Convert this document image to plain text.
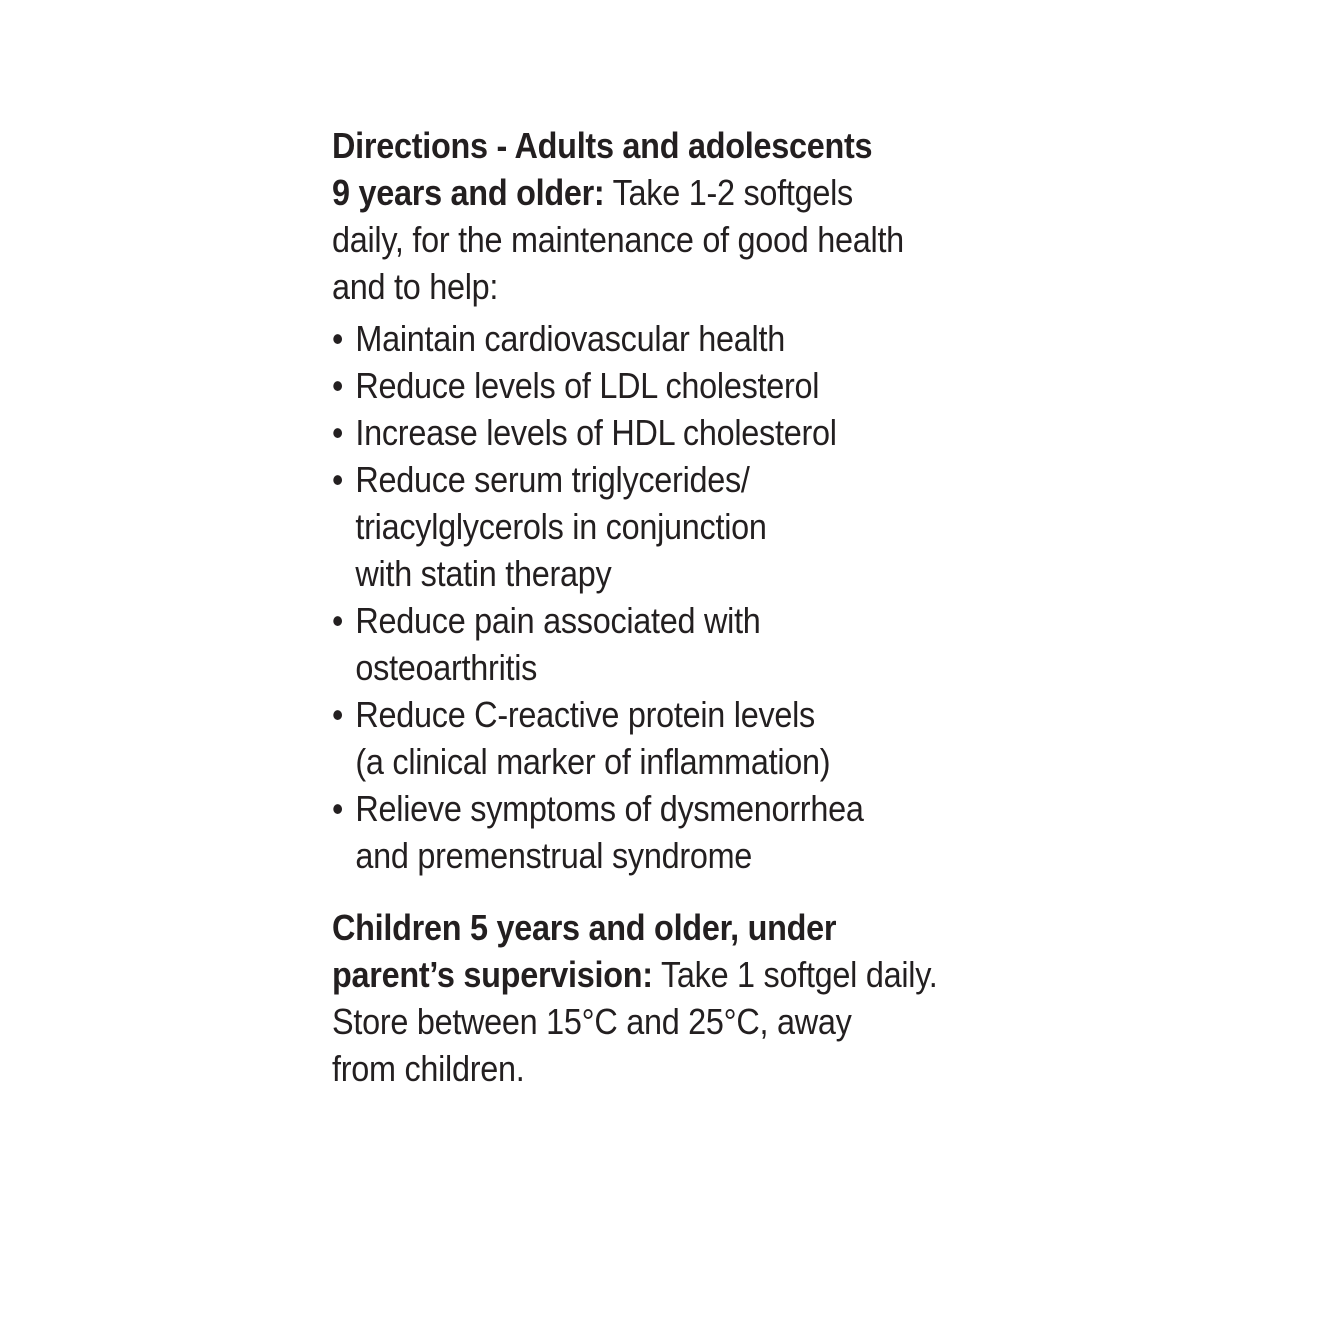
Directions - Adults and adolescents
9 years and older: Take 1-2 softgels
daily, for the maintenance of good health
and to help:

• Maintain cardiovascular health
• Reduce levels of LDL cholesterol
• Increase levels of HDL cholesterol
• Reduce serum triglycerides/
triacylglycerols in conjunction
with statin therapy
• Reduce pain associated with
osteoarthritis
• Reduce C-reactive protein levels
(a clinical marker of inflammation)
• Relieve symptoms of dysmenorrhea
and premenstrual syndrome

Children 5 years and older, under
parent’s supervision: Take 1 softgel daily.
Store between 15°C and 25°C, away
from children.
